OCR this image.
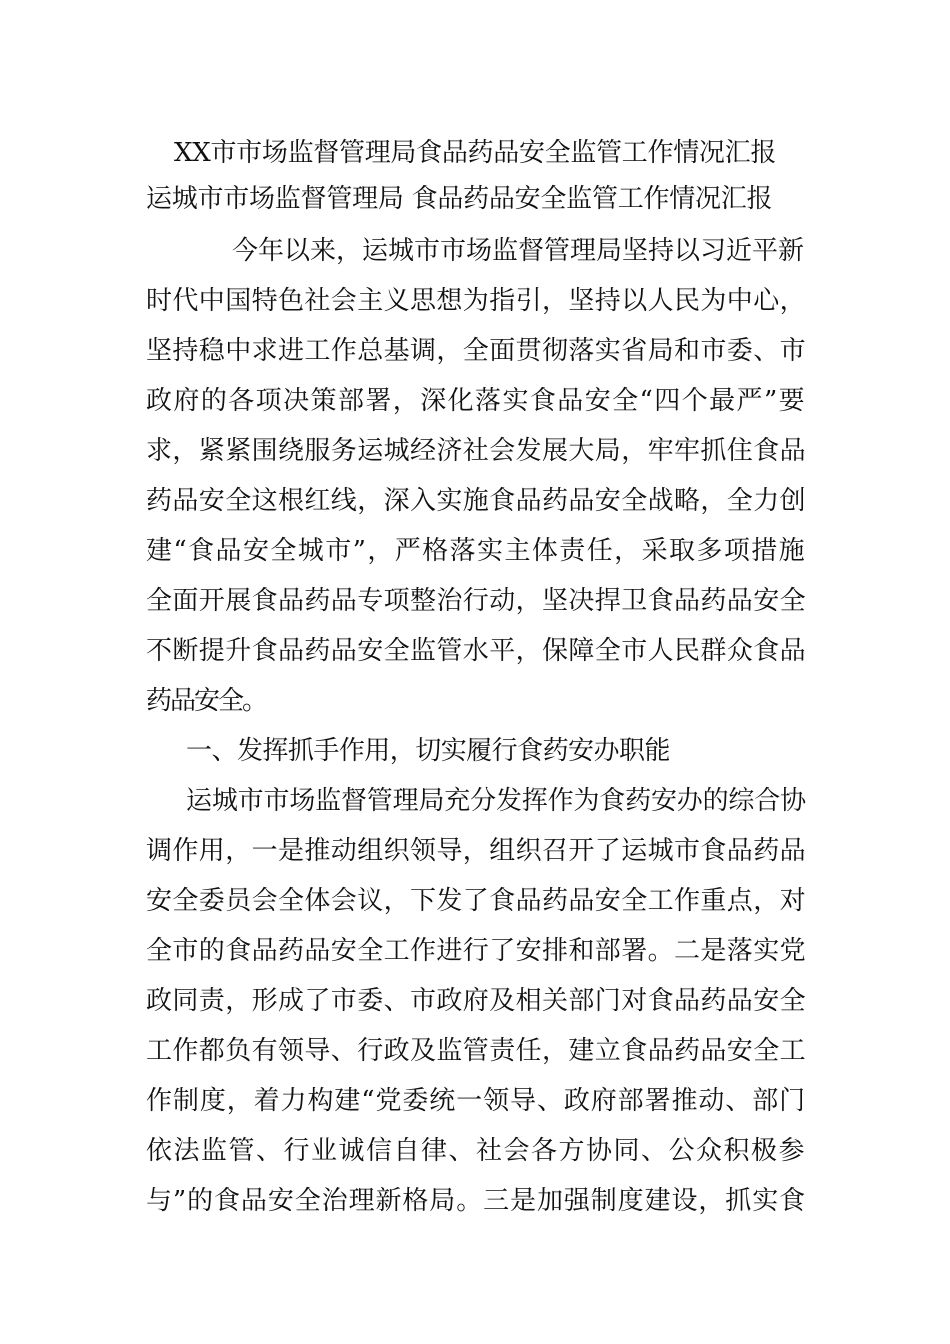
XX市市场监督管理局食品药品安全监管工作情况汇报
运城市市场监督管理局 食品药品安全监管工作情况汇报
今年以来，运城市市场监督管理局坚持以习近平新
时代中国特色社会主义思想为指引，坚持以人民为中心，
坚持稳中求进工作总基调，全面贯彻落实省局和市委、市
政府的各项决策部署，深化落实食品安全“四个最严”要
求，紧紧围绕服务运城经济社会发展大局，牢牢抓住食品
药品安全这根红线，深入实施食品药品安全战略，全力创
建“食品安全城市”，严格落实主体责任，采取多项措施
全面开展食品药品专项整治行动，坚决捍卫食品药品安全
不断提升食品药品安全监管水平，保障全市人民群众食品
药品安全。
一、发挥抓手作用，切实履行食药安办职能
运城市市场监督管理局充分发挥作为食药安办的综合协
调作用，一是推动组织领导，组织召开了运城市食品药品
安全委员会全体会议，下发了食品药品安全工作重点，对
全市的食品药品安全工作进行了安排和部署。二是落实党
政同责，形成了市委、市政府及相关部门对食品药品安全
工作都负有领导、行政及监管责任，建立食品药品安全工
作制度，着力构建“党委统一领导、政府部署推动、部门
依法监管、行业诚信自律、社会各方协同、公众积极参
与”的食品安全治理新格局。三是加强制度建设，抓实食
